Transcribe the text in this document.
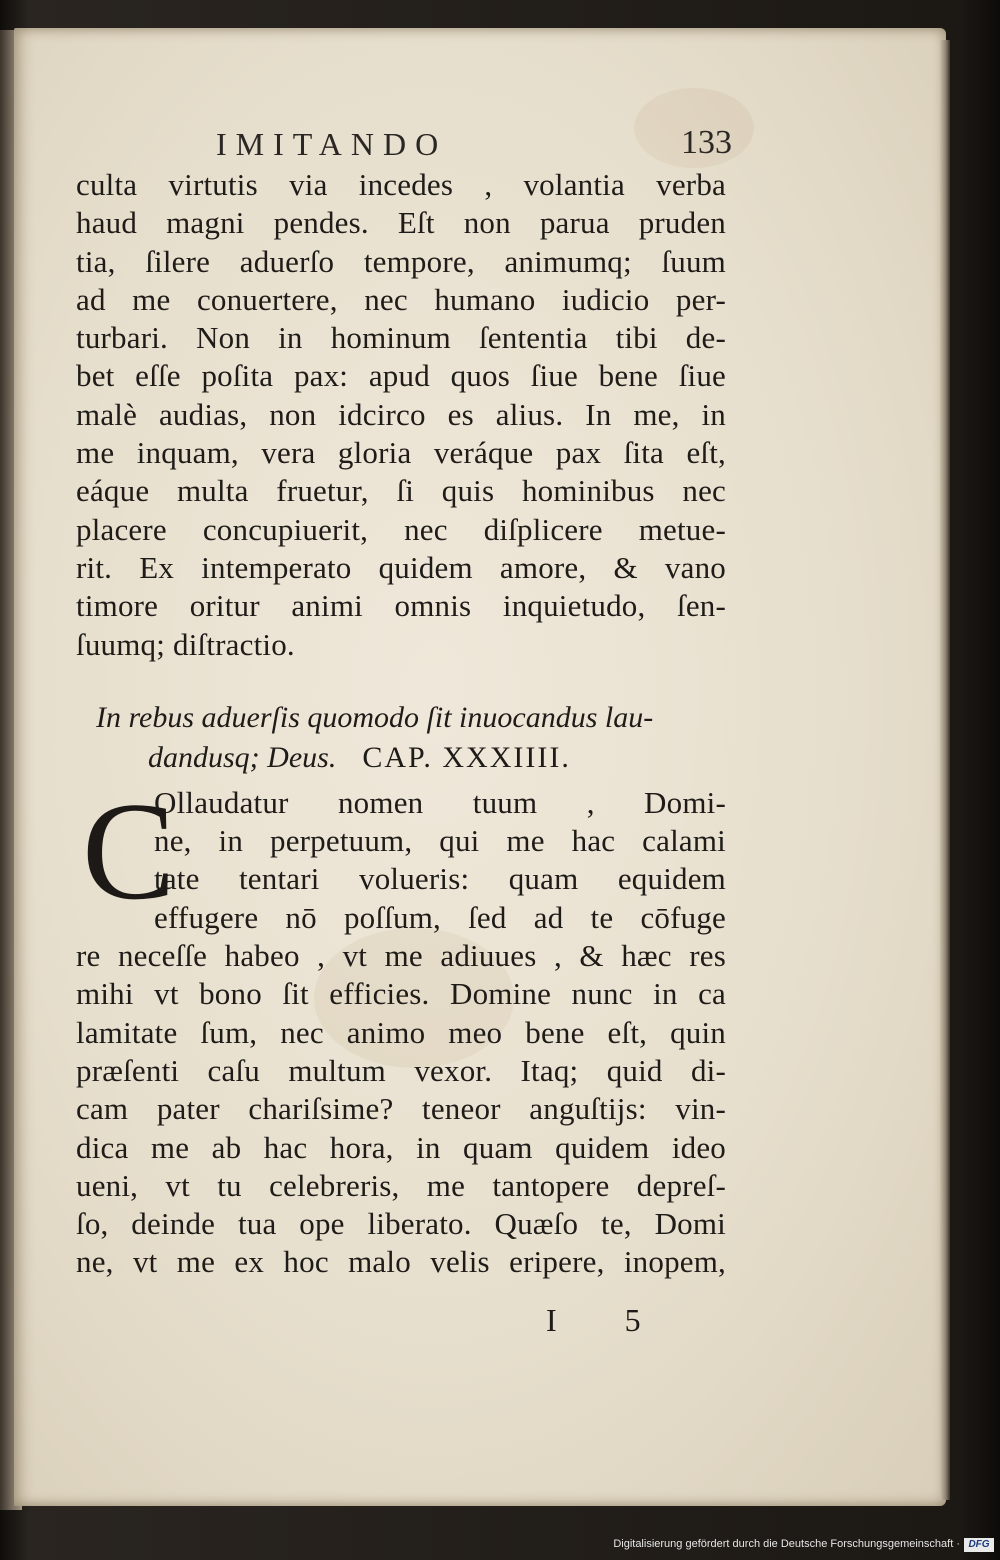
IMITANDO	133
culta virtutis via incedes , volantia verba
haud magni pendes. Eſt non parua pruden
tia, ſilere aduerſo tempore, animumq; ſuum
ad me conuertere, nec humano iudicio per-
turbari. Non in hominum ſententia tibi de-
bet eſſe poſita pax: apud quos ſiue bene ſiue
malè audias, non idcirco es alius. In me, in
me inquam, vera gloria veráque pax ſita eſt,
eáque multa fruetur, ſi quis hominibus nec
placere concupiuerit, nec diſplicere metue-
rit. Ex intemperato quidem amore, & vano
timore oritur animi omnis inquietudo, ſen-
ſuumq; diſtractio.
In rebus aduerſis quomodo ſit inuocandus lau-
dandusq; Deus. CAP. XXXIIII.
C
Ollaudatur nomen tuum , Domi-
ne, in perpetuum, qui me hac calami
tate tentari volueris: quam equidem
effugere nō poſſum, ſed ad te cōfuge
re neceſſe habeo , vt me adiuues , & hæc res
mihi vt bono ſit efficies. Domine nunc in ca
lamitate ſum, nec animo meo bene eſt, quin
præſenti caſu multum vexor. Itaq; quid di-
cam pater chariſsime? teneor anguſtijs: vin-
dica me ab hac hora, in quam quidem ideo
ueni, vt tu celebreris, me tantopere depreſ-
ſo, deinde tua ope liberato. Quæſo te, Domi
ne, vt me ex hoc malo velis eripere, inopem,
I 5
Digitalisierung gefördert durch die Deutsche Forschungsgemeinschaft · DFG
